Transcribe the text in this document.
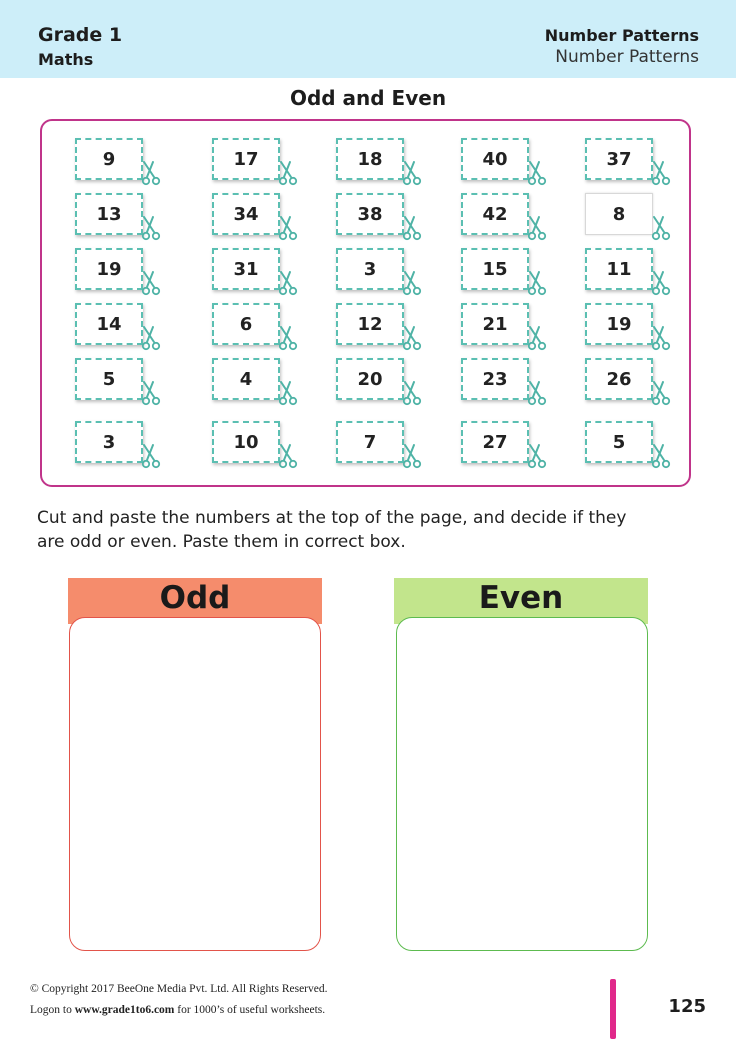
Grade 1
Maths
Number Patterns
Number Patterns
Odd and Even
9	17	18	40	37
13	34	38	42	8
19	31	3	15	11
14	6	12	21	19
5	4	20	23	26
3	10	7	27	5
Cut and paste the numbers at the top of the page, and decide if they
are odd or even. Paste them in correct box.
Odd	Even
© Copyright 2017 BeeOne Media Pvt. Ltd. All Rights Reserved.
Logon to www.grade1to6.com for 1000’s of useful worksheets.	125
